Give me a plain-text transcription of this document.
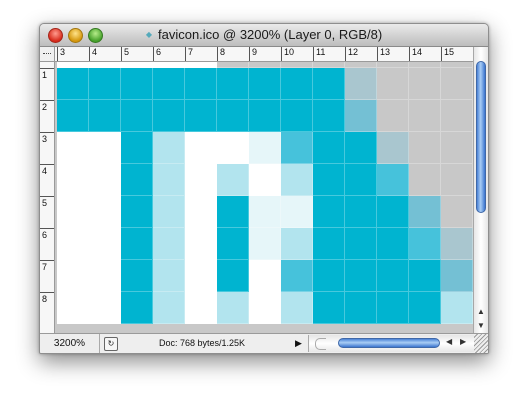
◆ favicon.ico @ 3200% (Layer 0, RGB/8)
3	4	5	6	7	8	9	10 11	12 13 14 15
1
2
3
4
5
6
7
8
▲
▼
3200%	↻	Doc: 768 bytes/1.25K	▶	◀ ▶
